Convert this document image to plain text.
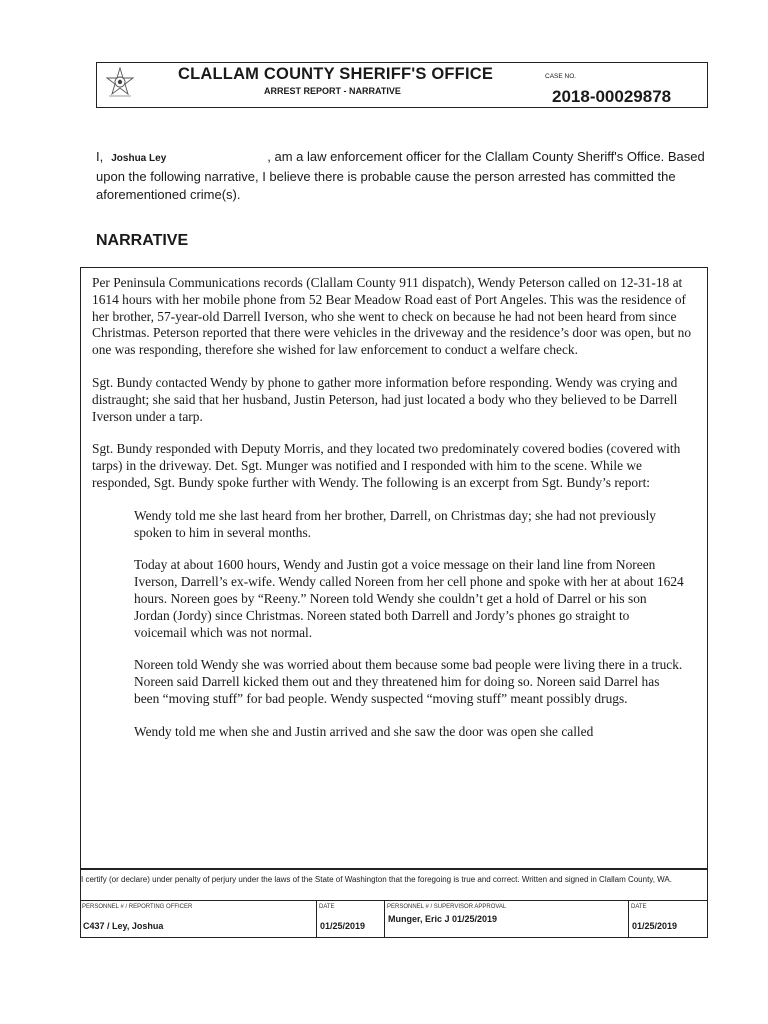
CLALLAM COUNTY SHERIFF'S OFFICE
ARREST REPORT - NARRATIVE
CASE NO.
2018-00029878
I, Joshua Ley	, am a law enforcement officer for the Clallam County Sheriff's Office. Based upon the following narrative, I believe there is probable cause the person arrested has committed the aforementioned crime(s).
NARRATIVE

Per Peninsula Communications records (Clallam County 911 dispatch), Wendy Peterson called on 12-31-18 at 1614 hours with her mobile phone from 52 Bear Meadow Road east of Port Angeles. This was the residence of her brother, 57-year-old Darrell Iverson, who she went to check on because he had not been heard from since Christmas. Peterson reported that there were vehicles in the driveway and the residence’s door was open, but no one was responding, therefore she wished for law enforcement to conduct a welfare check.

Sgt. Bundy contacted Wendy by phone to gather more information before responding. Wendy was crying and distraught; she said that her husband, Justin Peterson, had just located a body who they believed to be Darrell Iverson under a tarp.

Sgt. Bundy responded with Deputy Morris, and they located two predominately covered bodies (covered with tarps) in the driveway. Det. Sgt. Munger was notified and I responded with him to the scene. While we responded, Sgt. Bundy spoke further with Wendy. The following is an excerpt from Sgt. Bundy’s report:

Wendy told me she last heard from her brother, Darrell, on Christmas day; she had not previously spoken to him in several months.

Today at about 1600 hours, Wendy and Justin got a voice message on their land line from Noreen Iverson, Darrell’s ex-wife. Wendy called Noreen from her cell phone and spoke with her at about 1624 hours. Noreen goes by “Reeny.” Noreen told Wendy she couldn’t get a hold of Darrel or his son Jordan (Jordy) since Christmas. Noreen stated both Darrell and Jordy’s phones go straight to voicemail which was not normal.

Noreen told Wendy she was worried about them because some bad people were living there in a truck. Noreen said Darrell kicked them out and they threatened him for doing so. Noreen said Darrel has been “moving stuff” for bad people. Wendy suspected “moving stuff” meant possibly drugs.

Wendy told me when she and Justin arrived and she saw the door was open she called

I certify (or declare) under penalty of perjury under the laws of the State of Washington that the foregoing is true and correct. Written and signed in Clallam County, WA.
PERSONNEL # / REPORTING OFFICER
C437 / Ley, Joshua
DATE
01/25/2019
PERSONNEL # / SUPERVISOR APPROVAL
Munger, Eric J 01/25/2019
DATE
01/25/2019
